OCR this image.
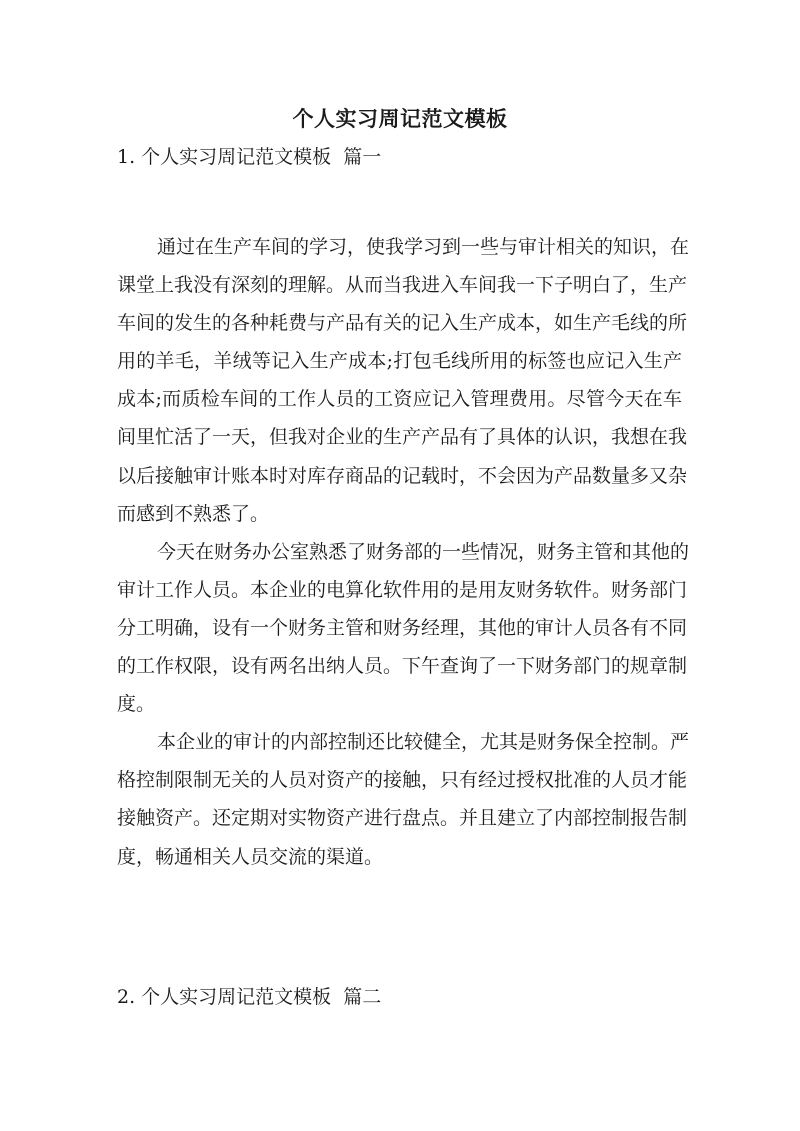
个人实习周记范文模板
1. 个人实习周记范文模板  篇一
通过在生产车间的学习，使我学习到一些与审计相关的知识，在
课堂上我没有深刻的理解。从而当我进入车间我一下子明白了，生产
车间的发生的各种耗费与产品有关的记入生产成本，如生产毛线的所
用的羊毛，羊绒等记入生产成本;打包毛线所用的标签也应记入生产
成本;而质检车间的工作人员的工资应记入管理费用。尽管今天在车
间里忙活了一天，但我对企业的生产产品有了具体的认识，我想在我
以后接触审计账本时对库存商品的记载时，不会因为产品数量多又杂
而感到不熟悉了。
今天在财务办公室熟悉了财务部的一些情况，财务主管和其他的
审计工作人员。本企业的电算化软件用的是用友财务软件。财务部门
分工明确，设有一个财务主管和财务经理，其他的审计人员各有不同
的工作权限，设有两名出纳人员。下午查询了一下财务部门的规章制
度。
本企业的审计的内部控制还比较健全，尤其是财务保全控制。严
格控制限制无关的人员对资产的接触，只有经过授权批准的人员才能
接触资产。还定期对实物资产进行盘点。并且建立了内部控制报告制
度，畅通相关人员交流的渠道。
2. 个人实习周记范文模板  篇二
